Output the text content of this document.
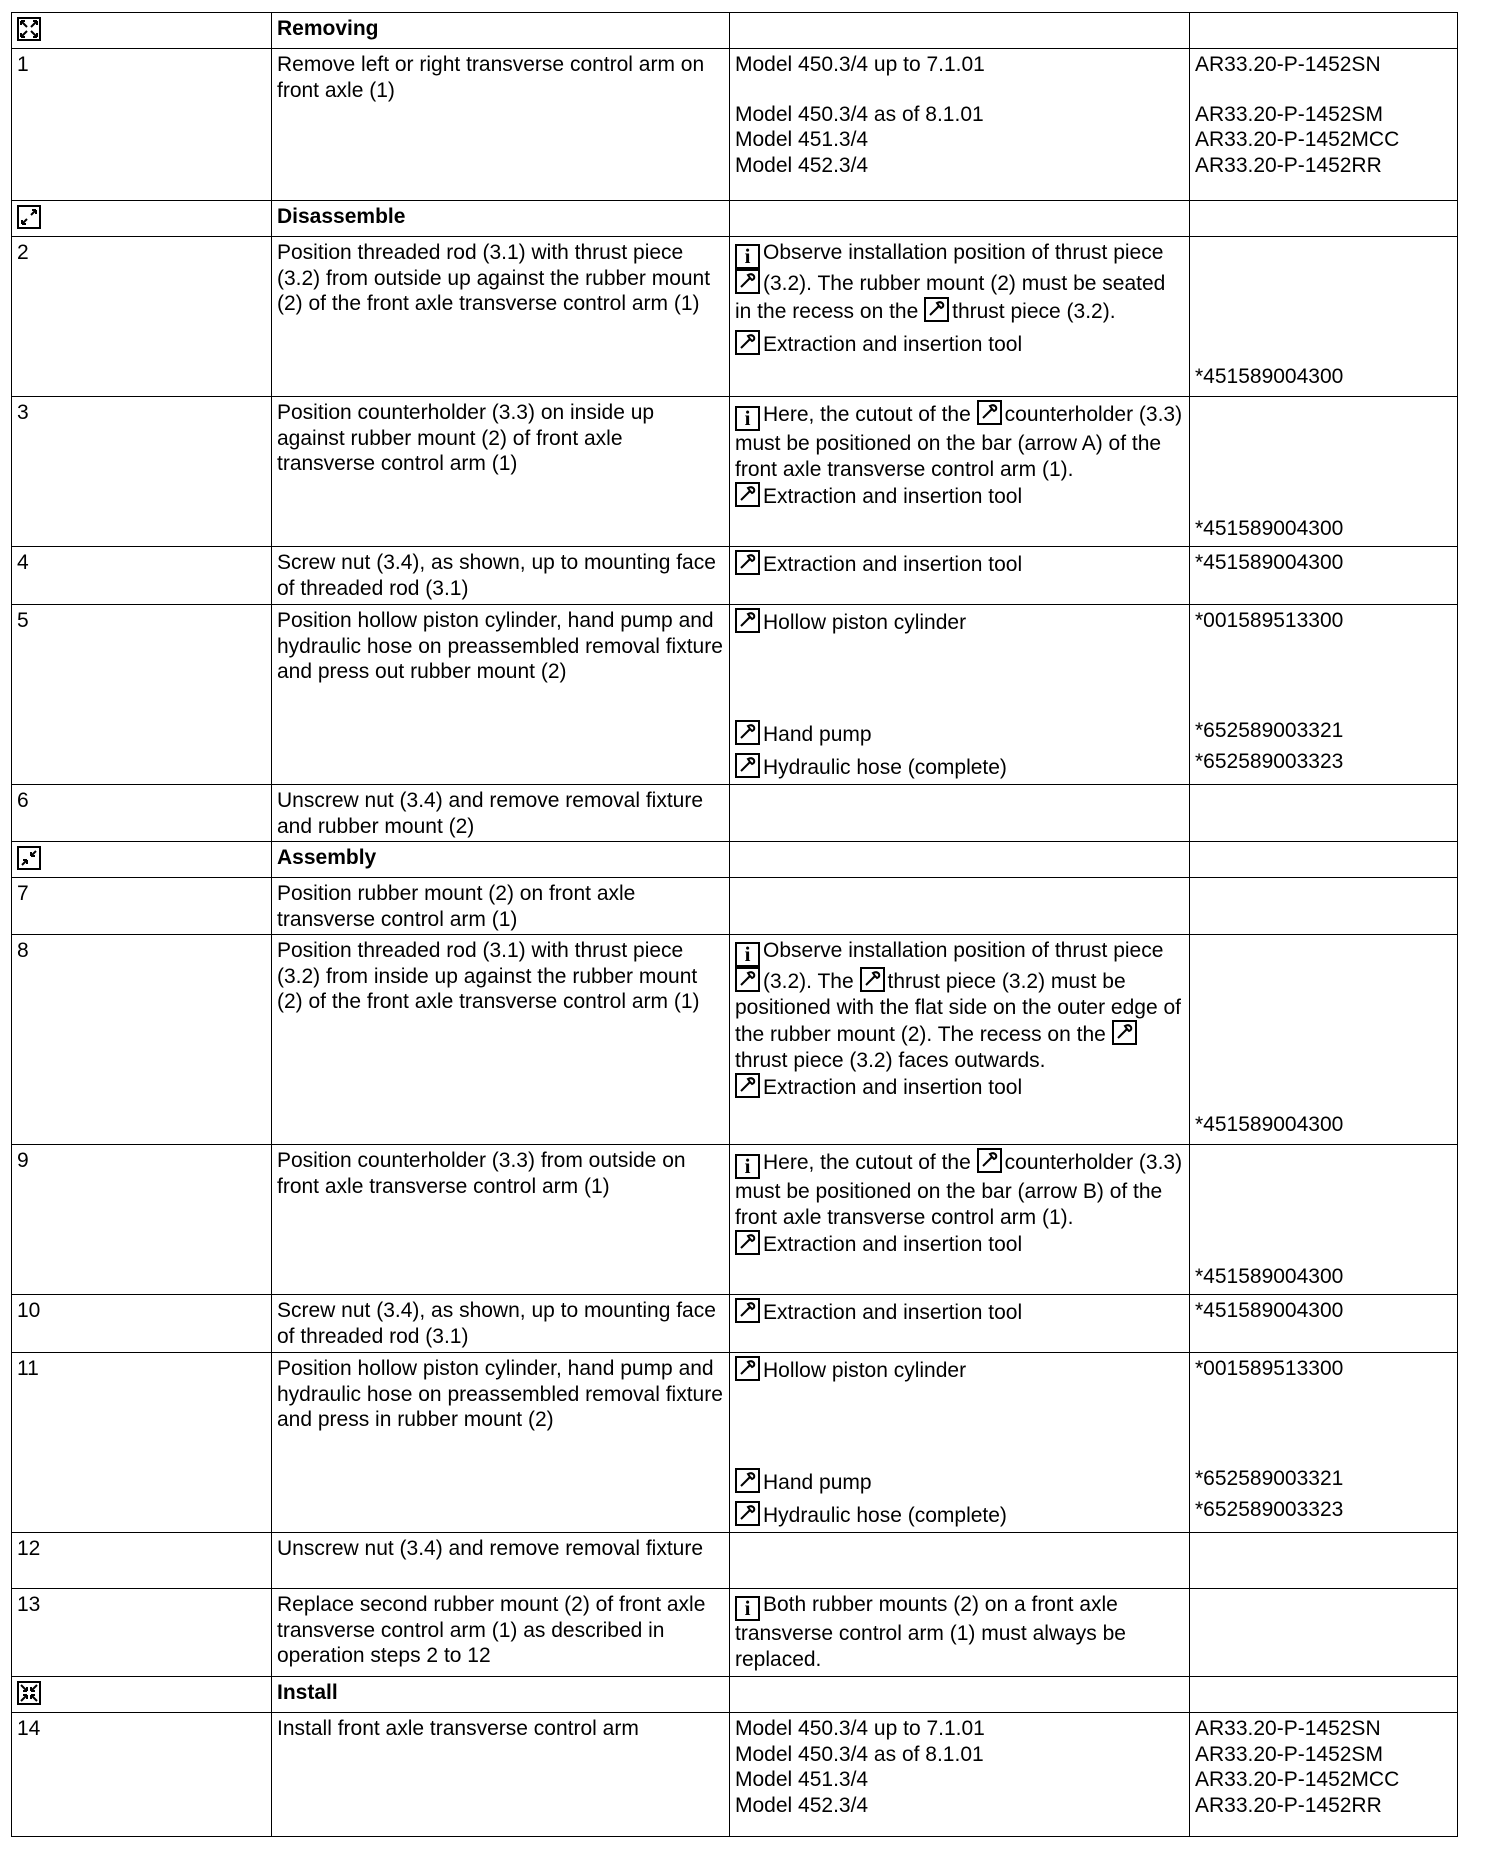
	Removing		
1	Remove left or right transverse control arm on front axle (1)	Model 450.3/4 up to 7.1.01
Model 450.3/4 as of 8.1.01
Model 451.3/4
Model 452.3/4	AR33.20-P-1452SN
AR33.20-P-1452SM
AR33.20-P-1452MCC
AR33.20-P-1452RR

	Disassemble		
2	Position threaded rod (3.1) with thrust piece (3.2) from outside up against the rubber mount (2) of the front axle transverse control arm (1)	i Observe installation position of thrust piece
(3.2). The rubber mount (2) must be seated in the recess on the thrust piece (3.2).
Extraction and insertion tool	*451589004300

3	Position counterholder (3.3) on inside up against rubber mount (2) of front axle transverse control arm (1)	i Here, the cutout of the counterholder (3.3) must be positioned on the bar (arrow A) of the front axle transverse control arm (1).
Extraction and insertion tool	*451589004300

4	Screw nut (3.4), as shown, up to mounting face of threaded rod (3.1)	Extraction and insertion tool	*451589004300

5	Position hollow piston cylinder, hand pump and hydraulic hose on preassembled removal fixture and press out rubber mount (2)	Hollow piston cylinder
Hand pump
Hydraulic hose (complete)	*001589513300
*652589003321
*652589003323

6	Unscrew nut (3.4) and remove removal fixture and rubber mount (2)		

	Assembly		
7	Position rubber mount (2) on front axle transverse control arm (1)		
8	Position threaded rod (3.1) with thrust piece (3.2) from inside up against the rubber mount (2) of the front axle transverse control arm (1)	i Observe installation position of thrust piece
(3.2). The thrust piece (3.2) must be positioned with the flat side on the outer edge of the rubber mount (2). The recess on the
thrust piece (3.2) faces outwards.
Extraction and insertion tool	*451589004300

9	Position counterholder (3.3) from outside on front axle transverse control arm (1)	i Here, the cutout of the counterholder (3.3) must be positioned on the bar (arrow B) of the front axle transverse control arm (1).
Extraction and insertion tool	*451589004300

10	Screw nut (3.4), as shown, up to mounting face of threaded rod (3.1)	Extraction and insertion tool	*451589004300

11	Position hollow piston cylinder, hand pump and hydraulic hose on preassembled removal fixture and press in rubber mount (2)	Hollow piston cylinder
Hand pump
Hydraulic hose (complete)	*001589513300
*652589003321
*652589003323

12	Unscrew nut (3.4) and remove removal fixture		
13	Replace second rubber mount (2) of front axle transverse control arm (1) as described in operation steps 2 to 12	i Both rubber mounts (2) on a front axle transverse control arm (1) must always be replaced.	

	Install		
14	Install front axle transverse control arm	Model 450.3/4 up to 7.1.01
Model 450.3/4 as of 8.1.01
Model 451.3/4
Model 452.3/4	AR33.20-P-1452SN
AR33.20-P-1452SM
AR33.20-P-1452MCC
AR33.20-P-1452RR
